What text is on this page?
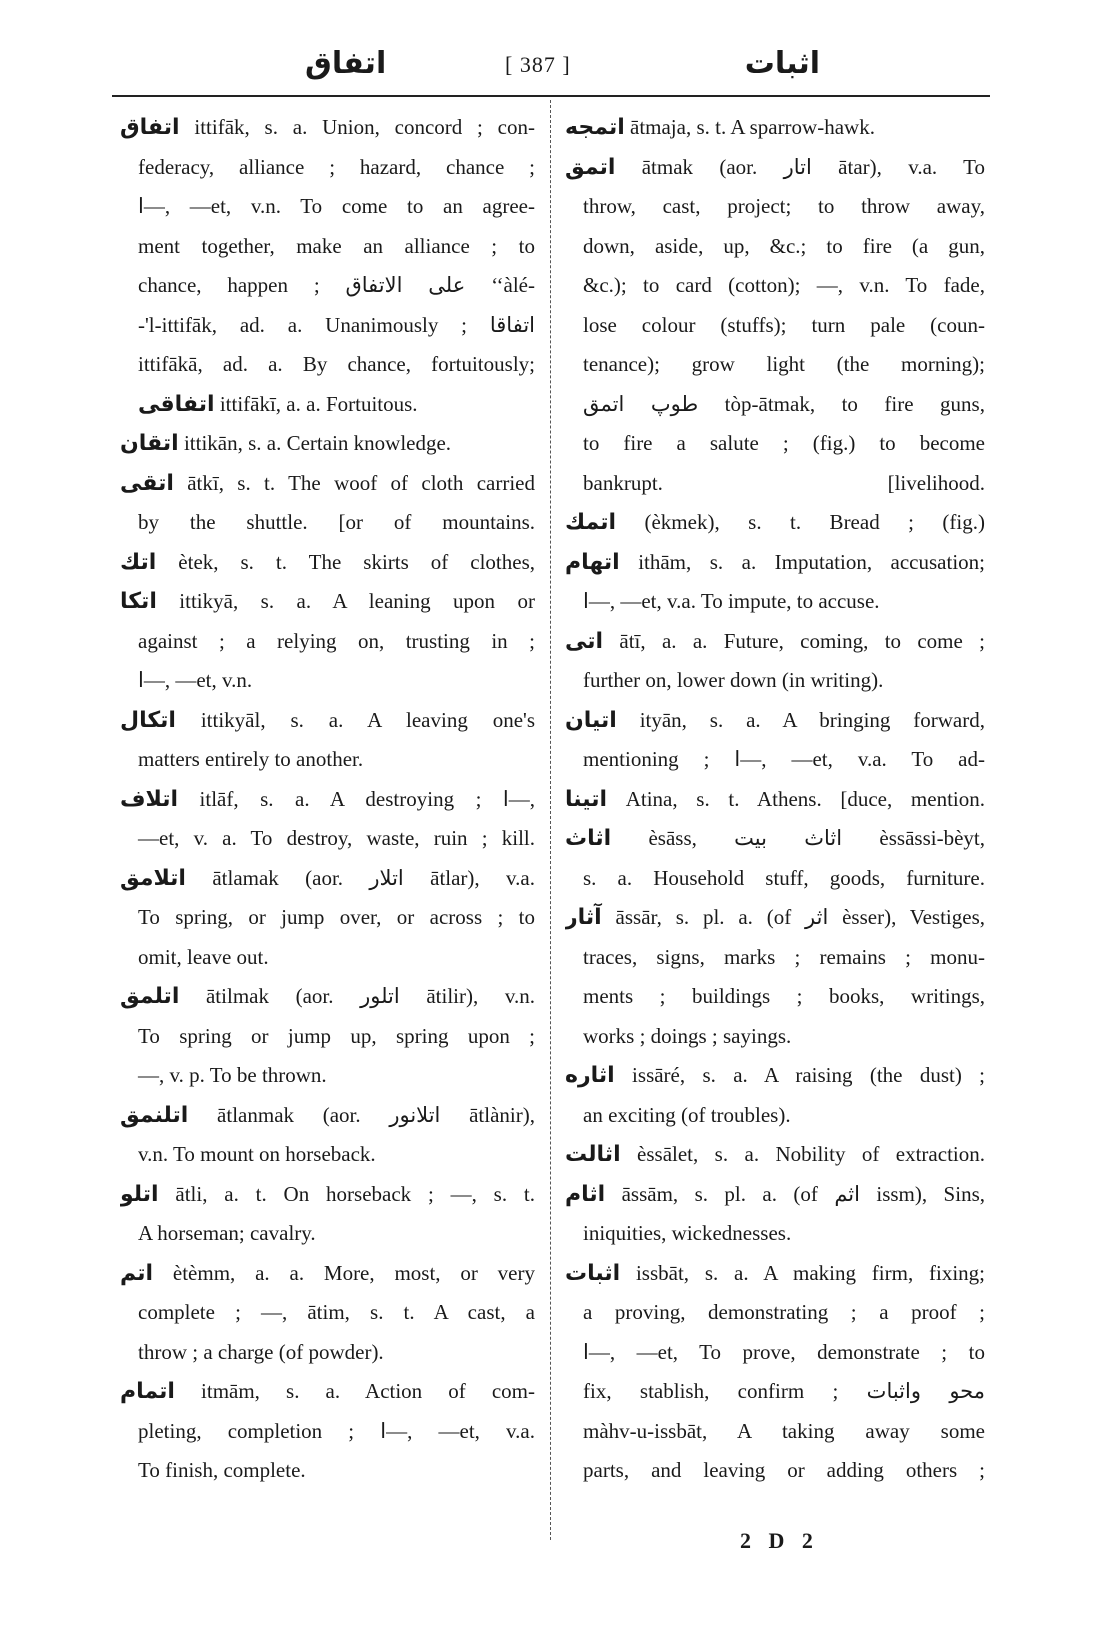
اتفاق	[ 387 ]	اثبات
اتفاق ittifāk, s. a. Union, concord ; con-
federacy, alliance ; hazard, chance ;
ا—, —et, v.n. To come to an agree-
ment together, make an alliance ; to
chance, happen ; على الاتفاق ‘‘àlé-
-'l-ittifāk, ad. a. Unanimously ; اتفاقا
ittifākā, ad. a. By chance, fortuitously;
اتفاقى ittifākī, a. a. Fortuitous.
اتقان ittikān, s. a. Certain knowledge.
اتقى ātkī, s. t. The woof of cloth carried
by the shuttle. [or of mountains.
اتك ètek, s. t. The skirts of clothes,
اتكا ittikyā, s. a. A leaning upon or
against ; a relying on, trusting in ;
ا—, —et, v.n.
اتكال ittikyāl, s. a. A leaving one's
matters entirely to another.
اتلاف itlāf, s. a. A destroying ; ا—,
—et, v. a. To destroy, waste, ruin ; kill.
اتلامق ātlamak (aor. اتلار ātlar), v.a.
To spring, or jump over, or across ; to
omit, leave out.
اتلمق ātilmak (aor. اتلور ātilir), v.n.
To spring or jump up, spring upon ;
—, v. p. To be thrown.
اتلنمق ātlanmak (aor. اتلانور ātlànir),
v.n. To mount on horseback.
اتلو ātli, a. t. On horseback ; —, s. t.
A horseman; cavalry.
اتم ètèmm, a. a. More, most, or very
complete ; —, ātim, s. t. A cast, a
throw ; a charge (of powder).
اتمام itmām, s. a. Action of com-
pleting, completion ; ا—, —et, v.a.
To finish, complete.
اتمجه ātmaja, s. t. A sparrow-hawk.
اتمق ātmak (aor. اتار ātar), v.a. To
throw, cast, project; to throw away,
down, aside, up, &c.; to fire (a gun,
&c.); to card (cotton); —, v.n. To fade,
lose colour (stuffs); turn pale (coun-
tenance); grow light (the morning);
طوپ اتمق tòp-ātmak, to fire guns,
to fire a salute ; (fig.) to become
bankrupt. [livelihood.
اتمك (èkmek), s. t. Bread ; (fig.)
اتهام ithām, s. a. Imputation, accusation;
ا—, —et, v.a. To impute, to accuse.
اتى ātī, a. a. Future, coming, to come ;
further on, lower down (in writing).
اتيان ityān, s. a. A bringing forward,
mentioning ; ا—, —et, v.a. To ad-
اتينا Atina, s. t. Athens. [duce, mention.
اثاث èsāss, اثاث بيت èssāssi-bèyt,
s. a. Household stuff, goods, furniture.
آثار āssār, s. pl. a. (of اثر èsser), Vestiges,
traces, signs, marks ; remains ; monu-
ments ; buildings ; books, writings,
works ; doings ; sayings.
اثاره issāré, s. a. A raising (the dust) ;
an exciting (of troubles).
اثالت èssālet, s. a. Nobility of extraction.
اثام āssām, s. pl. a. (of اثم issm), Sins,
iniquities, wickednesses.
اثبات issbāt, s. a. A making firm, fixing;
a proving, demonstrating ; a proof ;
ا—, —et, To prove, demonstrate ; to
fix, stablish, confirm ; محو واثبات
màhv-u-issbāt, A taking away some
parts, and leaving or adding others ;
2 D 2
